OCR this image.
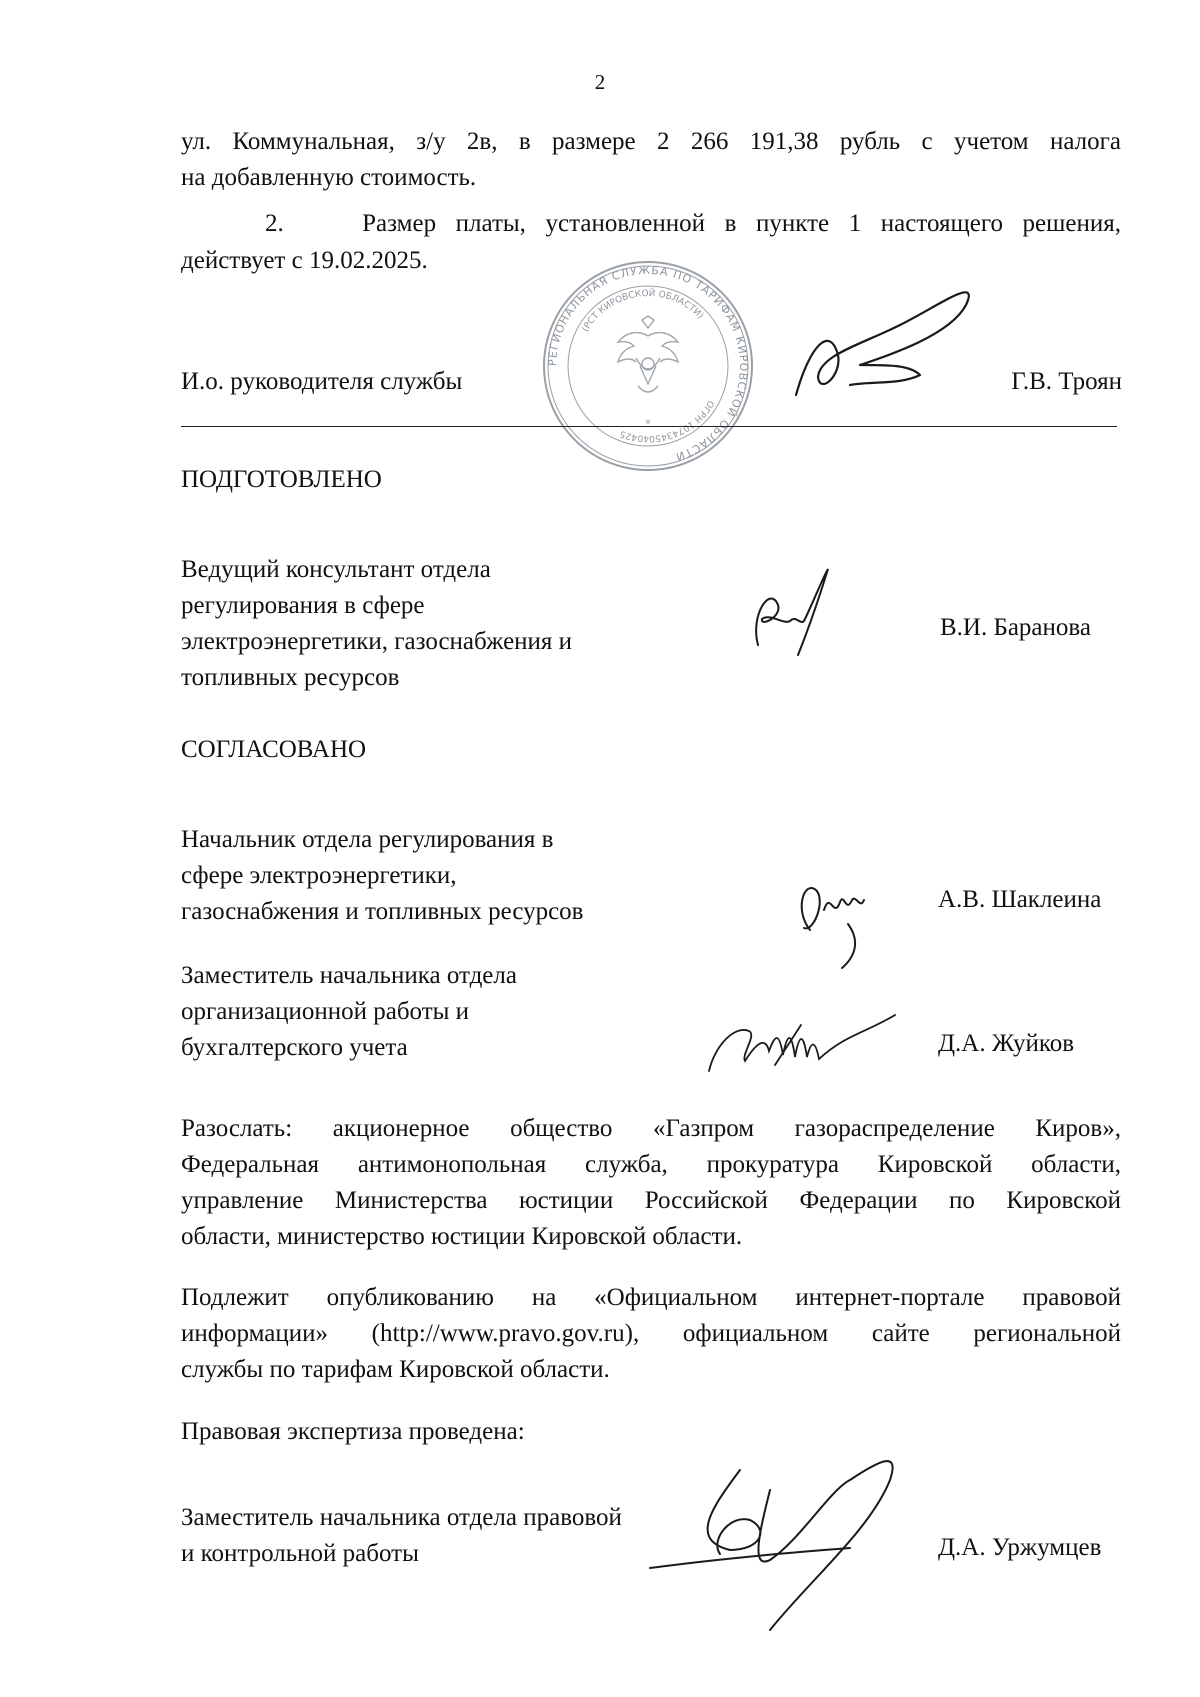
2
ул. Коммунальная, з/у 2в, в размере 2 266 191,38 рубль с учетом налога
на добавленную стоимость.
2.    Размер платы, установленной в пункте 1 настоящего решения,
действует с 19.02.2025.
РЕГИОНАЛЬНАЯ СЛУЖБА ПО ТАРИФАМ КИРОВСКОЙ ОБЛАСТИ
(РСТ КИРОВСКОЙ ОБЛАСТИ)
ОГРН 1074345040425
*
И.о. руководителя службы	Г.В. Троян
ПОДГОТОВЛЕНО
Ведущий консультант отдела
регулирования в сфере
электроэнергетики, газоснабжения и
топливных ресурсов
В.И. Баранова
СОГЛАСОВАНО
Начальник отдела регулирования в
сфере электроэнергетики,
газоснабжения и топливных ресурсов	А.В. Шаклеина
Заместитель начальника отдела
организационной работы и
бухгалтерского учета	Д.А. Жуйков
Разослать: акционерное общество «Газпром газораспределение Киров»,
Федеральная антимонопольная служба, прокуратура Кировской области,
управление Министерства юстиции Российской Федерации по Кировской
области, министерство юстиции Кировской области.
Подлежит опубликованию на «Официальном интернет-портале правовой
информации» (http://www.pravo.gov.ru), официальном сайте региональной
службы по тарифам Кировской области.
Правовая экспертиза проведена:
Заместитель начальника отдела правовой
и контрольной работы	Д.А. Уржумцев
